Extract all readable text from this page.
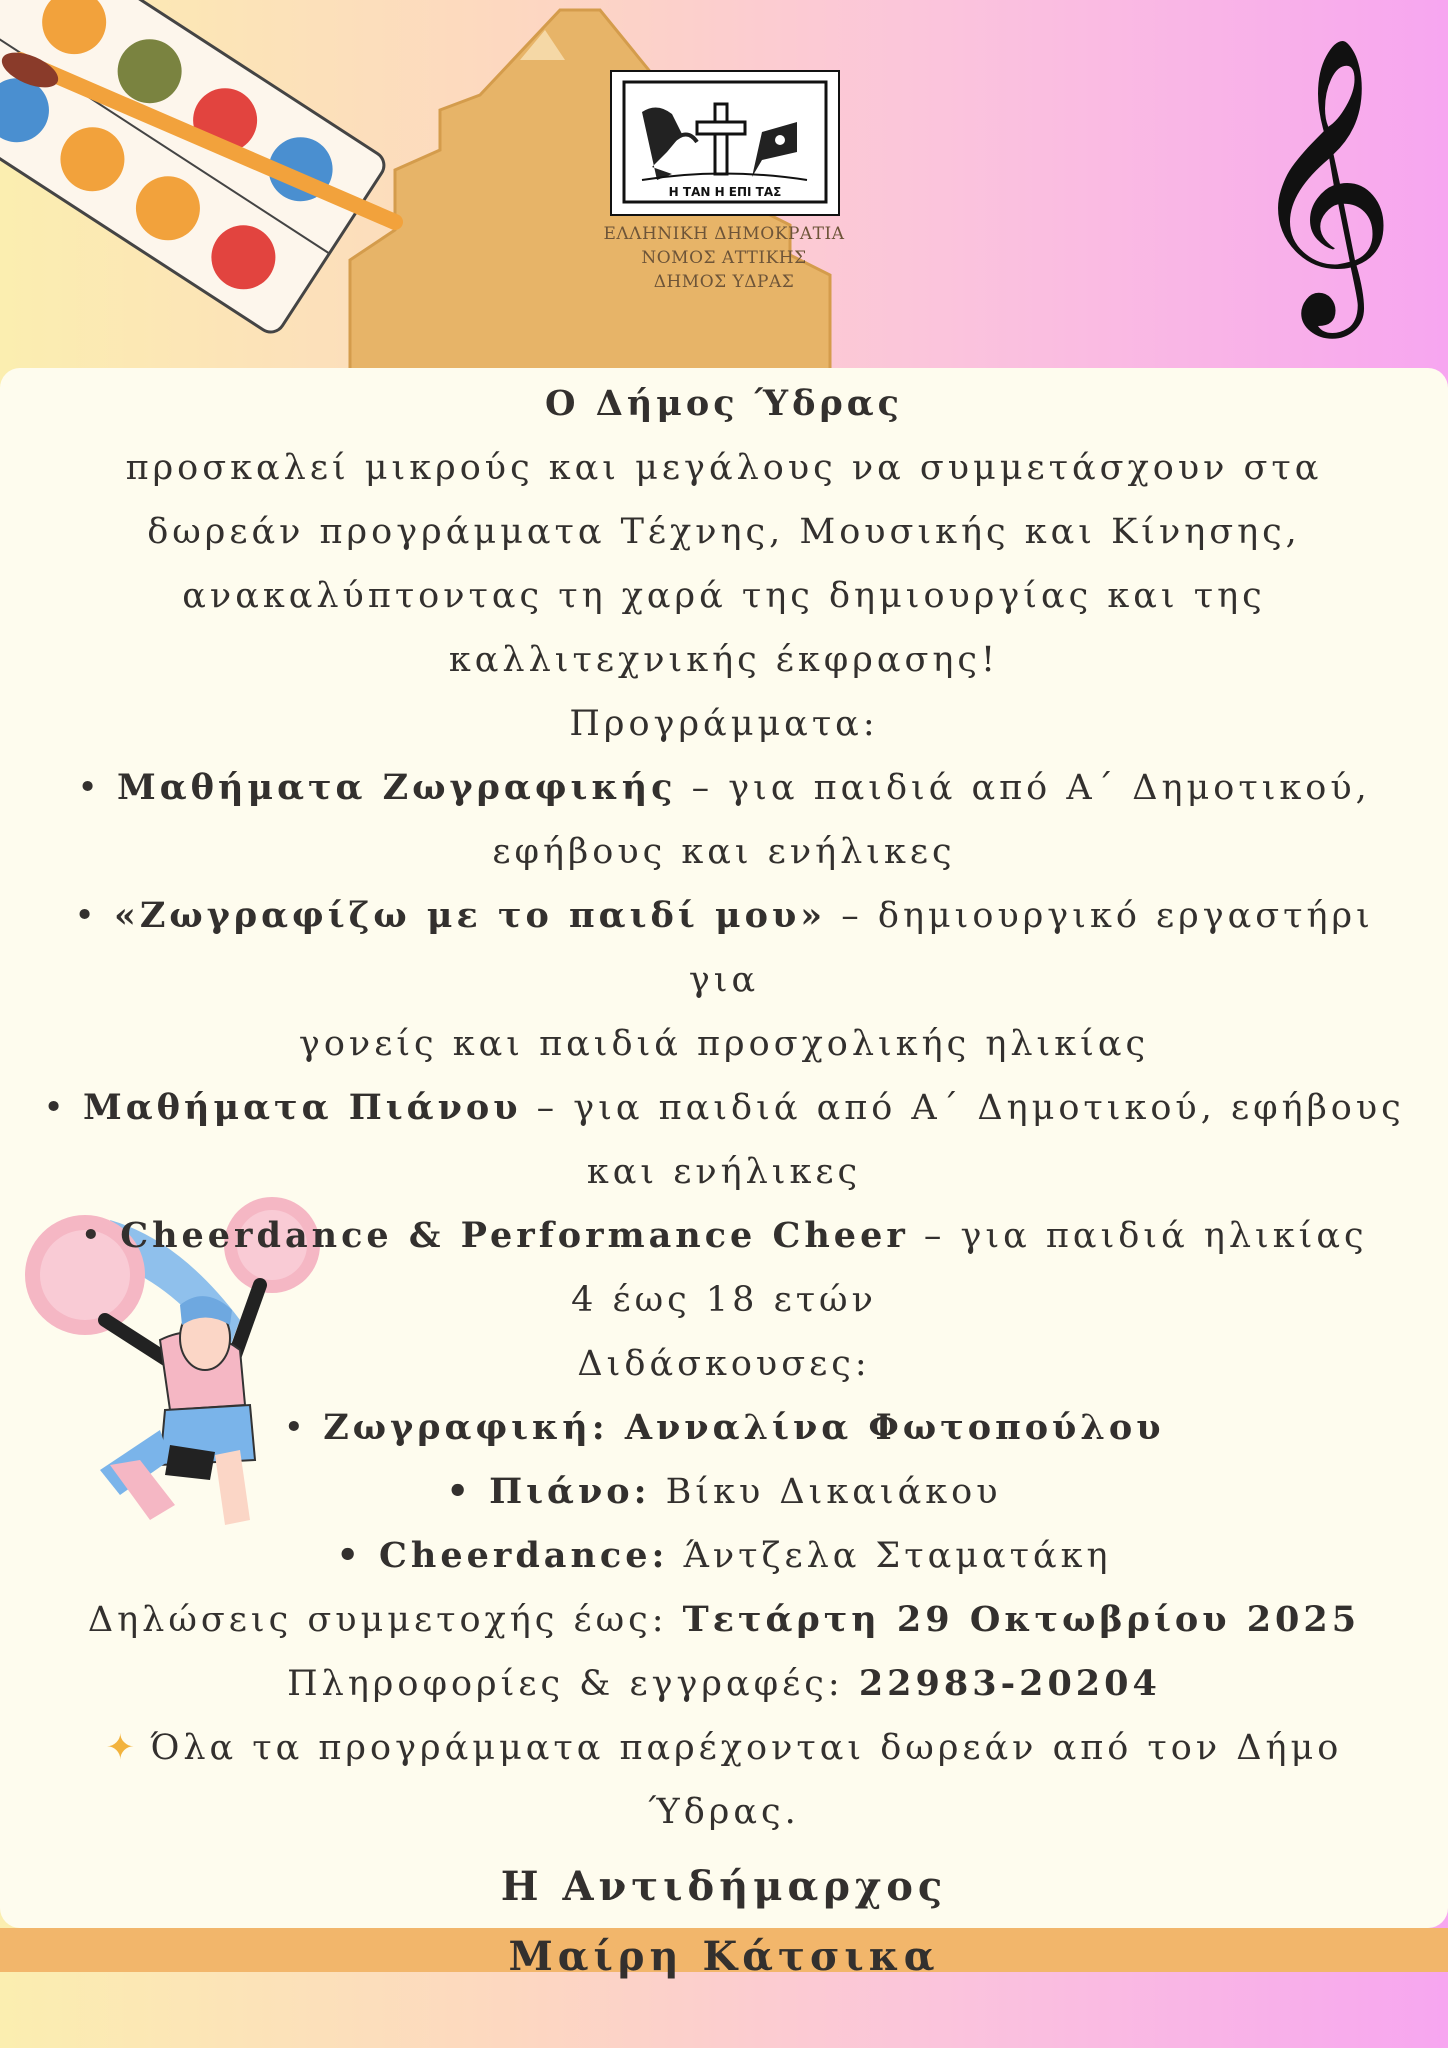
𝄞
Η ΤΑΝ Η ΕΠΙ ΤΑΣ
ΕΛΛΗΝΙΚΗ ΔΗΜΟΚΡΑΤΙΑ
ΝΟΜΟΣ ΑΤΤΙΚΗΣ
ΔΗΜΟΣ ΥΔΡΑΣ

Ο Δήμος Ύδρας

προσκαλεί μικρούς και μεγάλους να συμμετάσχουν στα

δωρεάν προγράμματα Τέχνης, Μουσικής και Κίνησης,

ανακαλύπτοντας τη χαρά της δημιουργίας και της

καλλιτεχνικής έκφρασης!

Προγράμματα:

• Μαθήματα Ζωγραφικής – για παιδιά από Α΄ Δημοτικού,

εφήβους και ενήλικες

• «Ζωγραφίζω με το παιδί μου» – δημιουργικό εργαστήρι για

γονείς και παιδιά προσχολικής ηλικίας

• Μαθήματα Πιάνου – για παιδιά από Α΄ Δημοτικού, εφήβους

και ενήλικες

• Cheerdance & Performance Cheer – για παιδιά ηλικίας

4 έως 18 ετών

Διδάσκουσες:

• Ζωγραφική: Ανναλίνα Φωτοπούλου

• Πιάνο: Βίκυ Δικαιάκου

• Cheerdance: Άντζελα Σταματάκη

Δηλώσεις συμμετοχής έως: Τετάρτη 29 Οκτωβρίου 2025

Πληροφορίες & εγγραφές: 22983-20204

✦ Όλα τα προγράμματα παρέχονται δωρεάν από τον Δήμο

Ύδρας.

Η Αντιδήμαρχος

Μαίρη Κάτσικα
